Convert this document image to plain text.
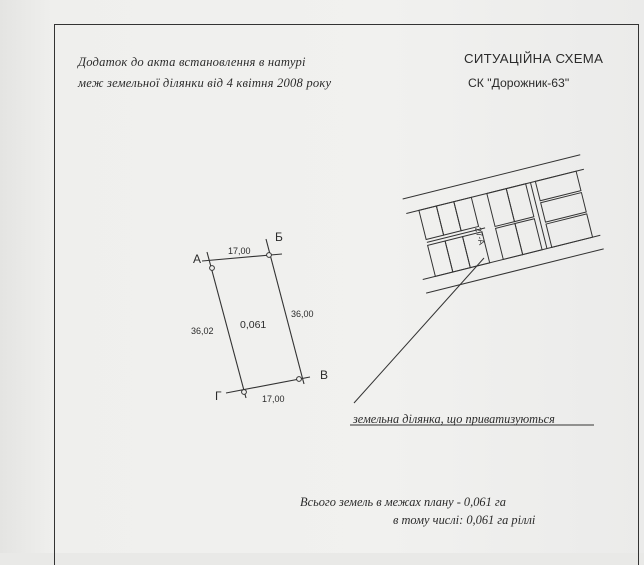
Додаток до акта встановлення в натурі
меж земельної ділянки від 4 квітня 2008 року
СИТУАЦІЙНА СХЕМА
СК "Дорожник-63"
А
Б
В
Г
17,00
36,00
17,00
36,02	0,061
27-А
земельна ділянка, що приватизуються
Всього земель в межах плану - 0,061 га
в тому числі: 0,061 га ріллі
